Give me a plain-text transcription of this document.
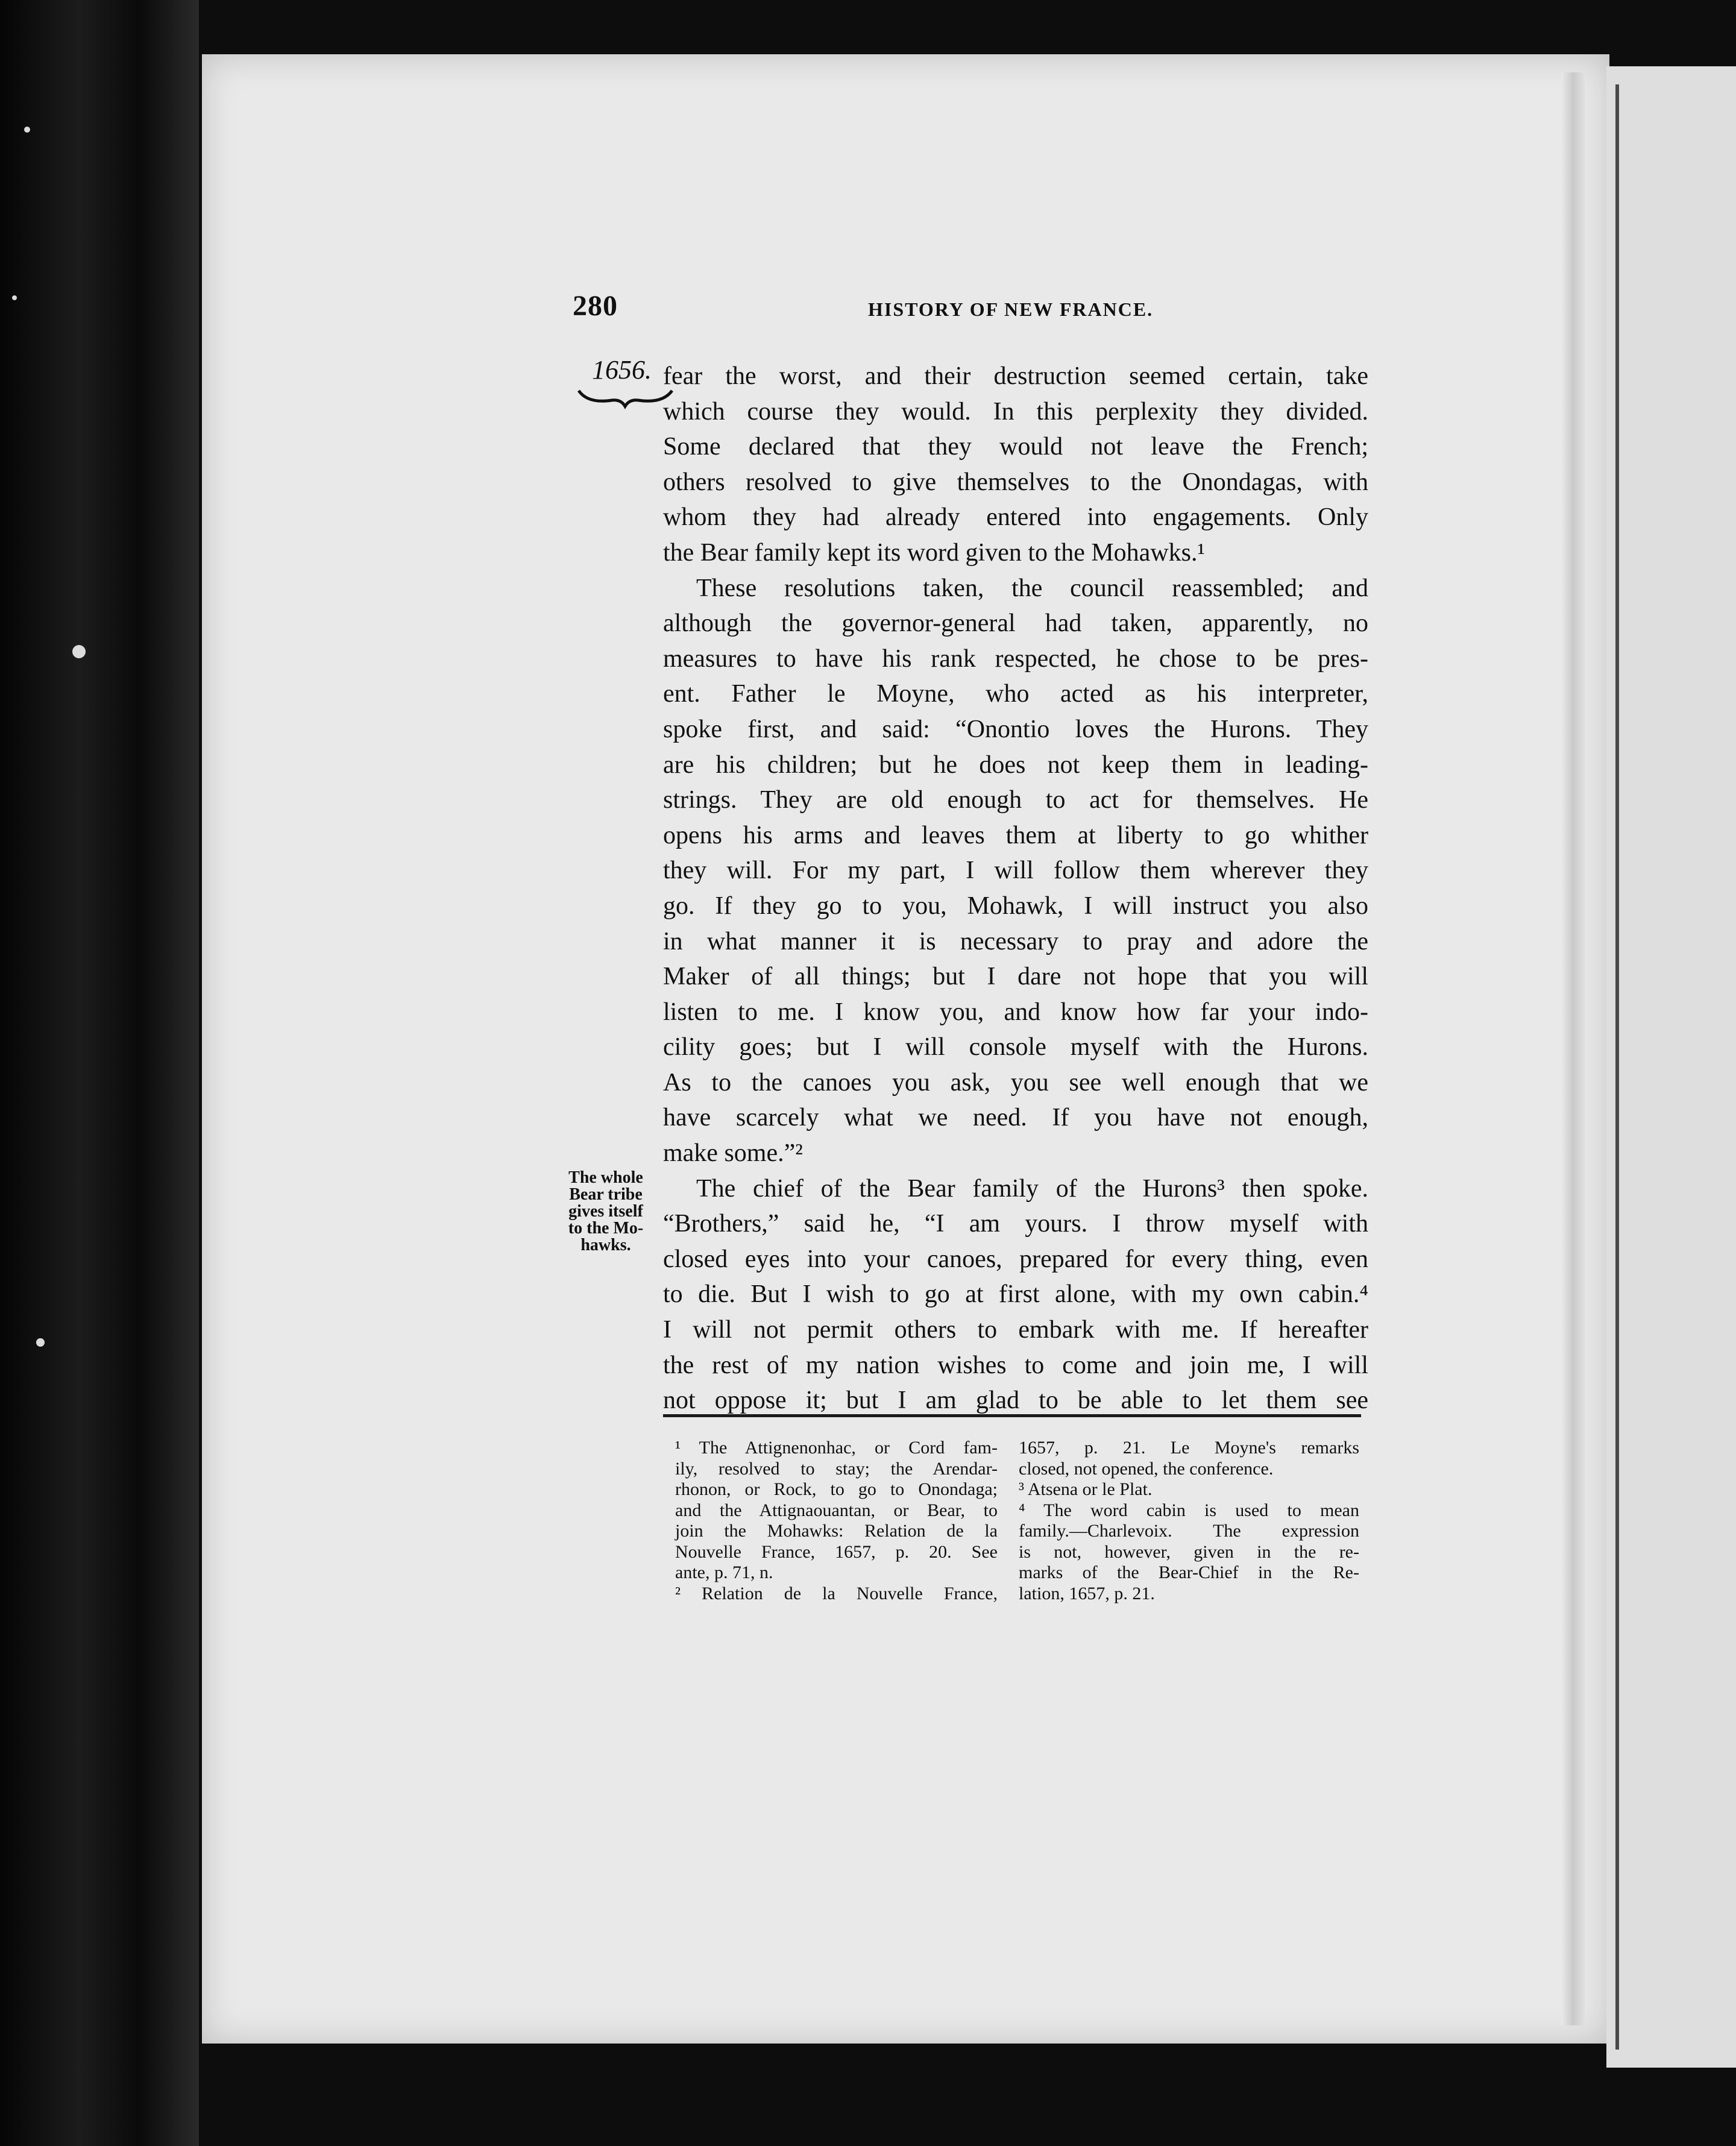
280	HISTORY OF NEW FRANCE.
1656. fear the worst, and their destruction seemed certain, take
which course they would. In this perplexity they divided.
Some declared that they would not leave the French;
others resolved to give themselves to the Onondagas, with
whom they had already entered into engagements. Only
the Bear family kept its word given to the Mohawks.¹
These resolutions taken, the council reassembled; and
although the governor-general had taken, apparently, no
measures to have his rank respected, he chose to be pres-
ent. Father le Moyne, who acted as his interpreter,
spoke first, and said: “Onontio loves the Hurons. They
are his children; but he does not keep them in leading-
strings. They are old enough to act for themselves. He
opens his arms and leaves them at liberty to go whither
they will. For my part, I will follow them wherever they
go. If they go to you, Mohawk, I will instruct you also
in what manner it is necessary to pray and adore the
Maker of all things; but I dare not hope that you will
listen to me. I know you, and know how far your indo-
cility goes; but I will console myself with the Hurons.
As to the canoes you ask, you see well enough that we
have scarcely what we need. If you have not enough,
make some.”²
The chief of the Bear family of the Hurons³ then spoke.
“Brothers,” said he, “I am yours. I throw myself with
closed eyes into your canoes, prepared for every thing, even
to die. But I wish to go at first alone, with my own cabin.⁴
I will not permit others to embark with me. If hereafter
the rest of my nation wishes to come and join me, I will
not oppose it; but I am glad to be able to let them see
The whole
Bear tribe
gives itself
to the Mo-
hawks.
¹ The Attignenonhac, or Cord fam-
ily, resolved to stay; the Arendar-
rhonon, or Rock, to go to Onondaga;
and the Attignaouantan, or Bear, to
join the Mohawks: Relation de la
Nouvelle France, 1657, p. 20. See
ante, p. 71, n.
² Relation de la Nouvelle France,
1657, p. 21. Le Moyne's remarks
closed, not opened, the conference.
³ Atsena or le Plat.
⁴ The word cabin is used to mean
family.—Charlevoix. The expression
is not, however, given in the re-
marks of the Bear-Chief in the Re-
lation, 1657, p. 21.
